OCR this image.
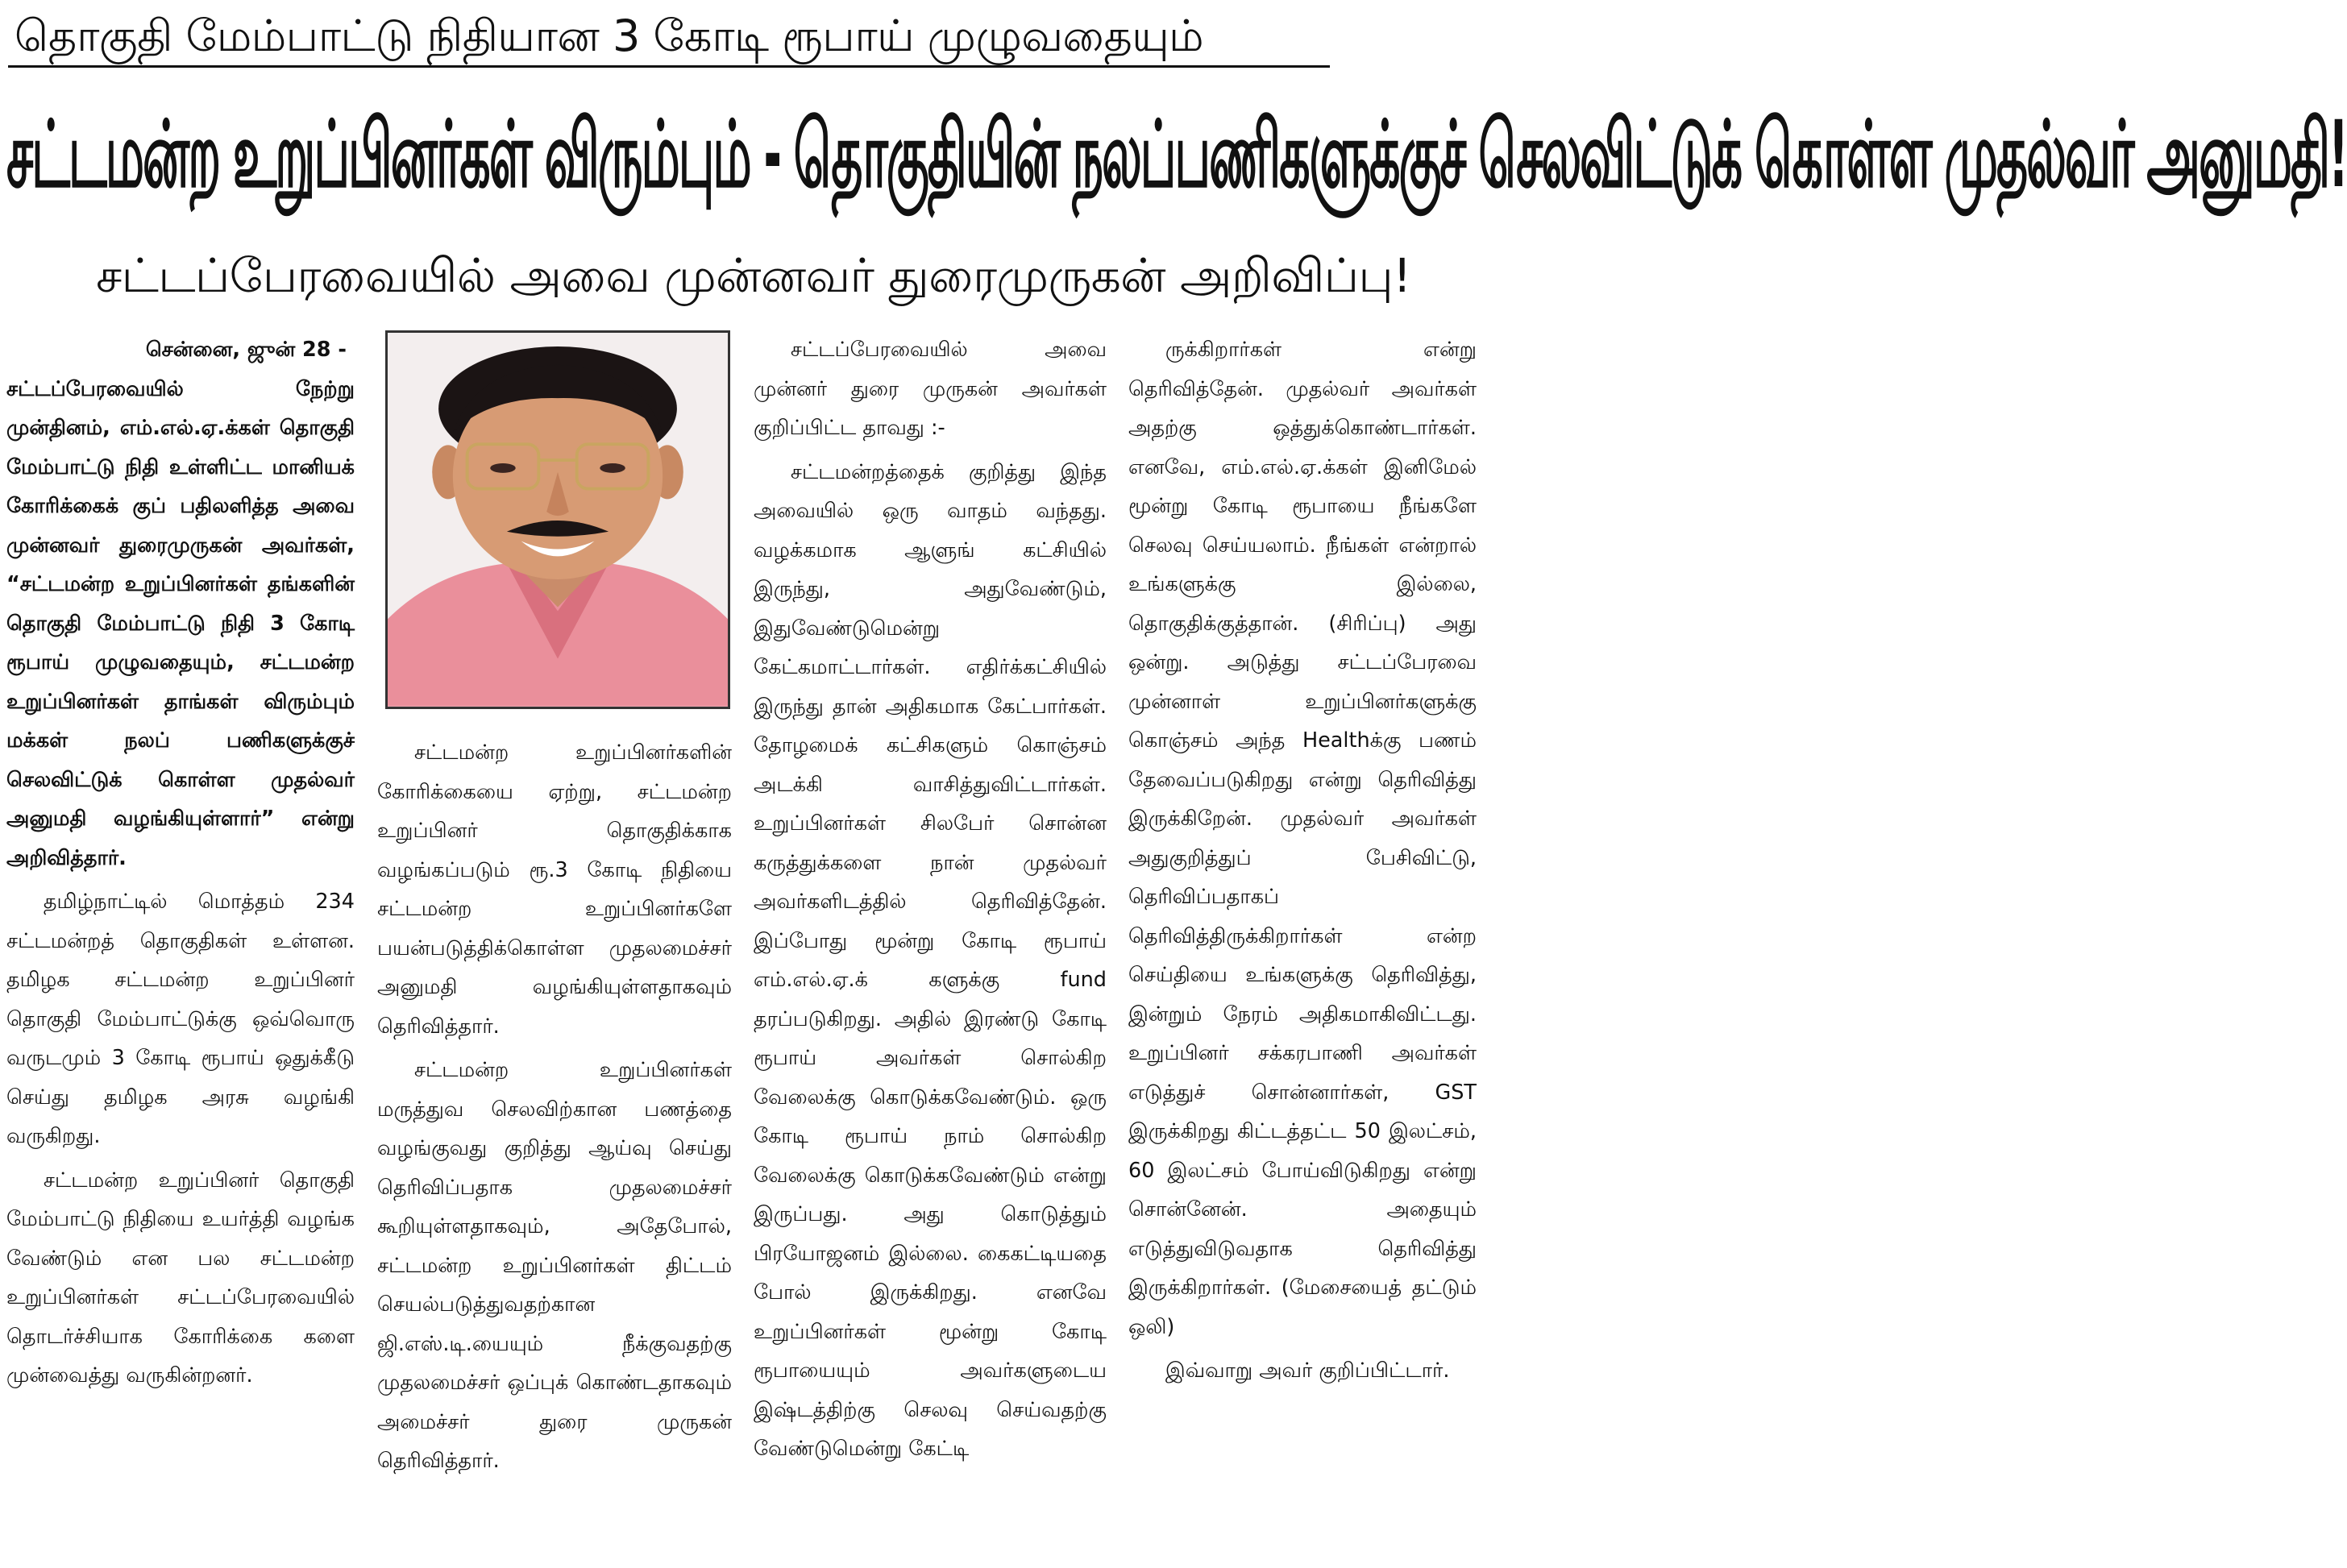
தொகுதி மேம்பாட்டு நிதியான 3 கோடி ரூபாய் முழுவதையும்
சட்டமன்ற உறுப்பினர்கள் விரும்பும் - தொகுதியின் நலப்பணிகளுக்குச் செலவிட்டுக் கொள்ள முதல்வர் அனுமதி!
சட்டப்பேரவையில் அவை முன்னவர் துரைமுருகன் அறிவிப்பு!

சென்னை, ஜுன் 28 -
சட்டப்பேரவையில் நேற்று முன்தினம், எம்.எல்.ஏ.க்கள் தொகுதி மேம்பாட்டு நிதி உள்ளிட்ட மானியக் கோரிக்கைக் குப் பதிலளித்த அவை முன்னவர் துரைமுருகன் அவர்கள், “சட்டமன்ற உறுப்பினர்கள் தங்களின் தொகுதி மேம்பாட்டு நிதி 3 கோடி ரூபாய் முழுவதையும், சட்டமன்ற உறுப்பினர்கள் தாங்கள் விரும்பும் மக்கள் நலப் பணிகளுக்குச் செலவிட்டுக் கொள்ள முதல்வர் அனுமதி வழங்கியுள்ளார்” என்று அறிவித்தார்.

தமிழ்நாட்டில் மொத்தம் 234 சட்டமன்றத் தொகுதிகள் உள்ளன. தமிழக சட்டமன்ற உறுப்பினர் தொகுதி மேம்பாட்டுக்கு ஒவ்வொரு வருடமும் 3 கோடி ரூபாய் ஒதுக்கீடு செய்து தமிழக அரசு வழங்கி வருகிறது.

சட்டமன்ற உறுப்பினர் தொகுதி மேம்பாட்டு நிதியை உயர்த்தி வழங்க வேண்டும் என பல சட்டமன்ற உறுப்பினர்கள் சட்டப்பேரவையில் தொடர்ச்சியாக கோரிக்கை களை முன்வைத்து வருகின்றனர்.

சட்டமன்ற உறுப்பினர்களின் கோரிக்கையை ஏற்று, சட்டமன்ற உறுப்பினர் தொகுதிக்காக வழங்கப்படும் ரூ.3 கோடி நிதியை சட்டமன்ற உறுப்பினர்களே பயன்படுத்திக்கொள்ள முதலமைச்சர் அனுமதி வழங்கியுள்ளதாகவும் தெரிவித்தார்.

சட்டமன்ற உறுப்பினர்கள் மருத்துவ செலவிற்கான பணத்தை வழங்குவது குறித்து ஆய்வு செய்து தெரிவிப்பதாக முதலமைச்சர் கூறியுள்ளதாகவும், அதேபோல், சட்டமன்ற உறுப்பினர்கள் திட்டம் செயல்படுத்துவதற்கான ஜி.எஸ்.டி.யையும் நீக்குவதற்கு முதலமைச்சர் ஒப்புக் கொண்டதாகவும் அமைச்சர் துரை முருகன் தெரிவித்தார்.

சட்டப்பேரவையில் அவை முன்னர் துரை முருகன் அவர்கள் குறிப்பிட்ட தாவது :-

சட்டமன்றத்தைக் குறித்து இந்த அவையில் ஒரு வாதம் வந்தது. வழக்கமாக ஆளுங் கட்சியில் இருந்து, அதுவேண்டும், இதுவேண்டுமென்று கேட்கமாட்டார்கள். எதிர்க்கட்சியில் இருந்து தான் அதிகமாக கேட்பார்கள். தோழமைக் கட்சிகளும் கொஞ்சம் அடக்கி வாசித்துவிட்டார்கள். உறுப்பினர்கள் சிலபேர் சொன்ன கருத்துக்களை நான் முதல்வர் அவர்களிடத்தில் தெரிவித்தேன். இப்போது மூன்று கோடி ரூபாய் எம்.எல்.ஏ.க் களுக்கு fund தரப்படுகிறது. அதில் இரண்டு கோடி ரூபாய் அவர்கள் சொல்கிற வேலைக்கு கொடுக்கவேண்டும். ஒரு கோடி ரூபாய் நாம் சொல்கிற வேலைக்கு கொடுக்கவேண்டும் என்று இருப்பது. அது கொடுத்தும் பிரயோஜனம் இல்லை. கைகட்டியதை போல் இருக்கிறது. எனவே உறுப்பினர்கள் மூன்று கோடி ரூபாயையும் அவர்களுடைய இஷ்டத்திற்கு செலவு செய்வதற்கு வேண்டுமென்று கேட்டி

ருக்கிறார்கள் என்று தெரிவித்தேன். முதல்வர் அவர்கள் அதற்கு ஒத்துக்கொண்டார்கள். எனவே, எம்.எல்.ஏ.க்கள் இனிமேல் மூன்று கோடி ரூபாயை நீங்களே செலவு செய்யலாம். நீங்கள் என்றால் உங்களுக்கு இல்லை, தொகுதிக்குத்தான். (சிரிப்பு) அது ஒன்று. அடுத்து சட்டப்பேரவை முன்னாள் உறுப்பினர்களுக்கு கொஞ்சம் அந்த Healthக்கு பணம் தேவைப்படுகிறது என்று தெரிவித்து இருக்கிறேன். முதல்வர் அவர்கள் அதுகுறித்துப் பேசிவிட்டு, தெரிவிப்பதாகப் தெரிவித்திருக்கிறார்கள் என்ற செய்தியை உங்களுக்கு தெரிவித்து, இன்றும் நேரம் அதிகமாகிவிட்டது. உறுப்பினர் சக்கரபாணி அவர்கள் எடுத்துச் சொன்னார்கள், GST இருக்கிறது கிட்டத்தட்ட 50 இலட்சம், 60 இலட்சம் போய்விடுகிறது என்று சொன்னேன். அதையும் எடுத்துவிடுவதாக தெரிவித்து இருக்கிறார்கள். (மேசையைத் தட்டும் ஒலி)

இவ்வாறு அவர் குறிப்பிட்டார்.
